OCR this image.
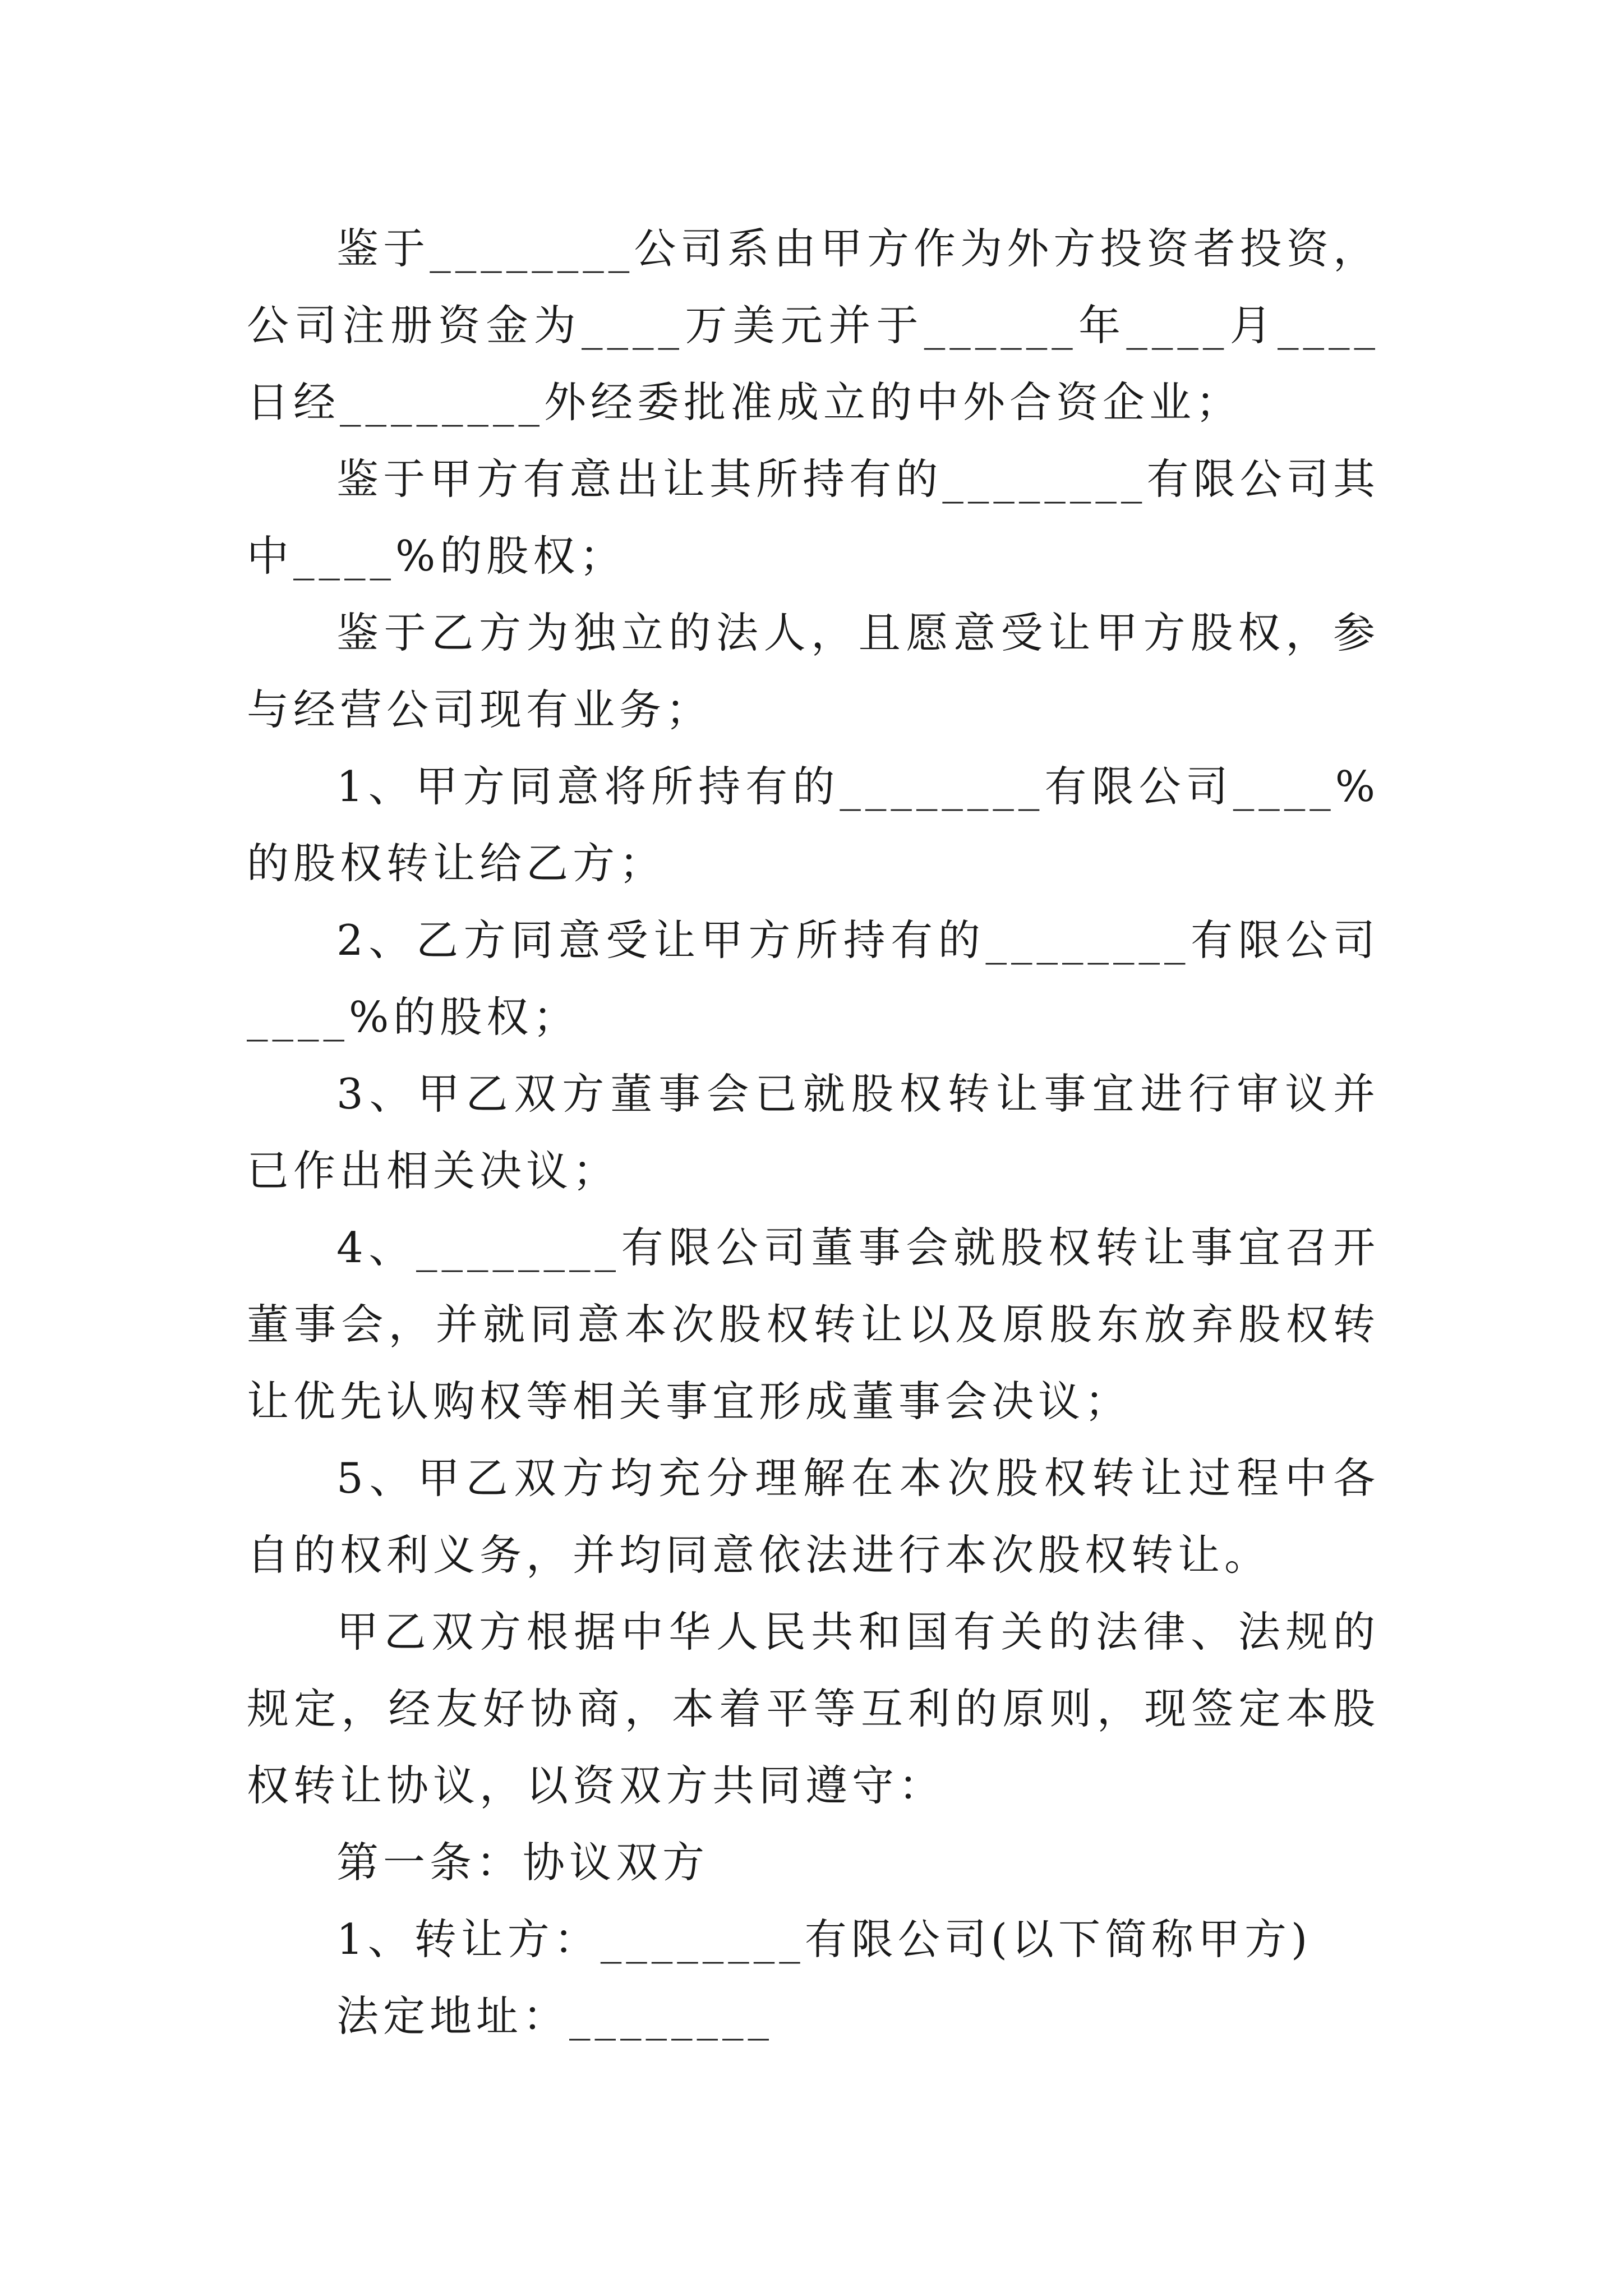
鉴于________公司系由甲方作为外方投资者投资，公司注册资金为____万美元并于______年____月____日经________外经委批准成立的中外合资企业；

鉴于甲方有意出让其所持有的________有限公司其中____%的股权；

鉴于乙方为独立的法人，且愿意受让甲方股权，参与经营公司现有业务；

1、甲方同意将所持有的________有限公司____%的股权转让给乙方；

2、乙方同意受让甲方所持有的________有限公司____%的股权；

3、甲乙双方董事会已就股权转让事宜进行审议并已作出相关决议；

4、________有限公司董事会就股权转让事宜召开董事会，并就同意本次股权转让以及原股东放弃股权转让优先认购权等相关事宜形成董事会决议；

5、甲乙双方均充分理解在本次股权转让过程中各自的权利义务，并均同意依法进行本次股权转让。

甲乙双方根据中华人民共和国有关的法律、法规的规定，经友好协商，本着平等互利的原则，现签定本股权转让协议，以资双方共同遵守：

第一条：协议双方

1、转让方：________有限公司(以下简称甲方)

法定地址：________
